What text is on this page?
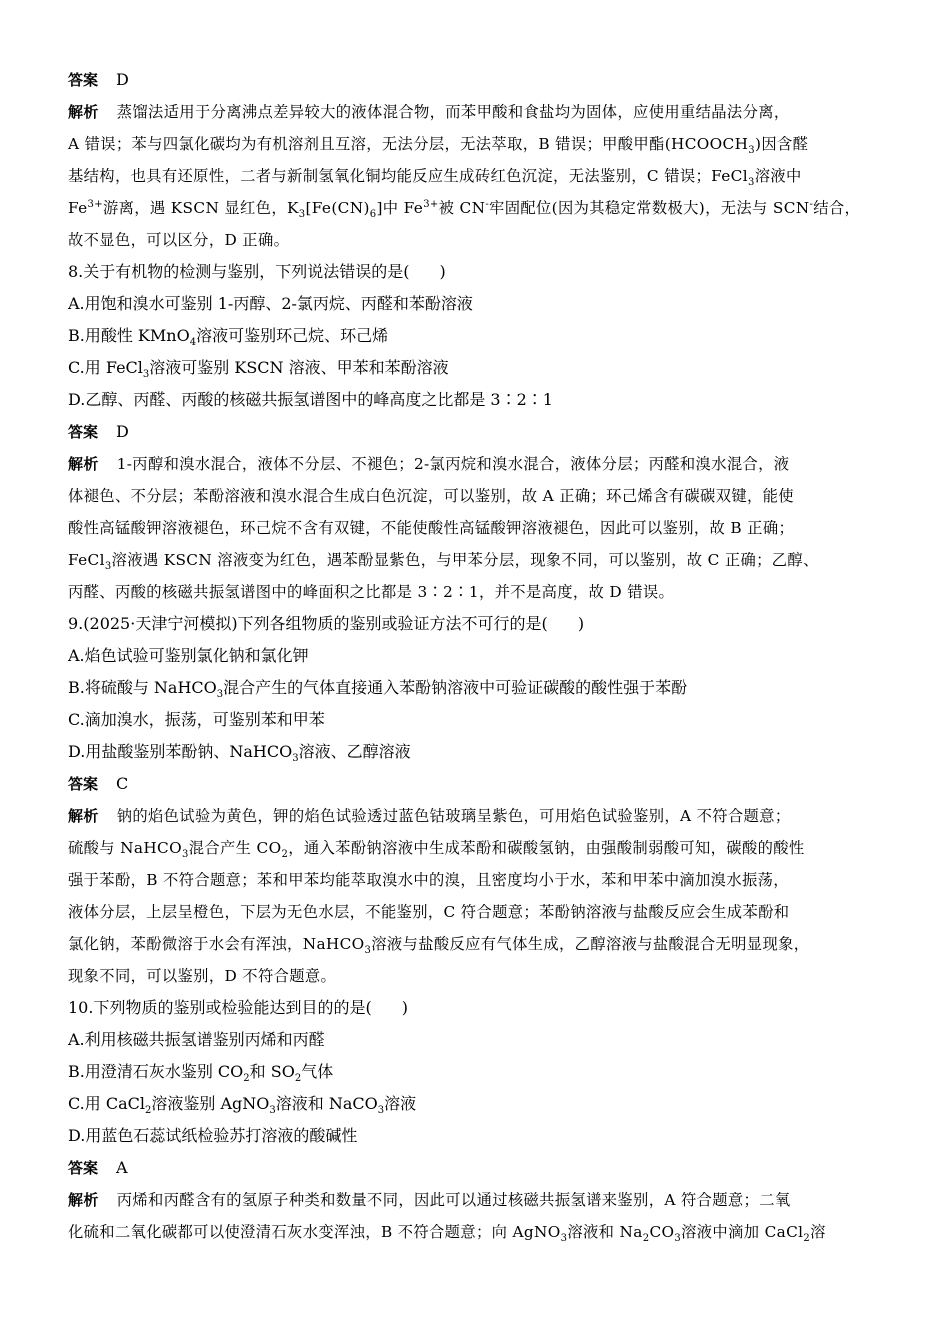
答案 D
解析 蒸馏法适用于分离沸点差异较大的液体混合物，而苯甲酸和食盐均为固体，应使用重结晶法分离，
A 错误；苯与四氯化碳均为有机溶剂且互溶，无法分层，无法萃取，B 错误；甲酸甲酯$(HCOOCH_3)$因含醛
基结构，也具有还原性，二者与新制氢氧化铜均能反应生成砖红色沉淀，无法鉴别，C 错误；FeCl$_3$溶液中
$Fe^{3+}$游离，遇 KSCN 显红色，$K_3[Fe(CN)_6]$中 $Fe^{3+}$被 CN-牢固配位(因为其稳定常数极大)，无法与 SCN-结合，
故不显色，可以区分，D 正确。
8.关于有机物的检测与鉴别，下列说法错误的是( )
A.用饱和溴水可鉴别 1-丙醇、2-氯丙烷、丙醛和苯酚溶液
B.用酸性 KMnO$_4$溶液可鉴别环己烷、环己烯
C.用 FeCl$_3$溶液可鉴别 KSCN 溶液、甲苯和苯酚溶液
D.乙醇、丙醛、丙酸的核磁共振氢谱图中的峰高度之比都是 3∶2∶1
答案 D
解析 1-丙醇和溴水混合，液体不分层、不褪色；2-氯丙烷和溴水混合，液体分层；丙醛和溴水混合，液
体褪色、不分层；苯酚溶液和溴水混合生成白色沉淀，可以鉴别，故 A 正确；环己烯含有碳碳双键，能使
酸性高锰酸钾溶液褪色，环己烷不含有双键，不能使酸性高锰酸钾溶液褪色，因此可以鉴别，故 B 正确；
FeCl$_3$溶液遇 KSCN 溶液变为红色，遇苯酚显紫色，与甲苯分层，现象不同，可以鉴别，故 C 正确；乙醇、
丙醛、丙酸的核磁共振氢谱图中的峰面积之比都是 3∶2∶1，并不是高度，故 D 错误。
9.(2025·天津宁河模拟)下列各组物质的鉴别或验证方法不可行的是( )
A.焰色试验可鉴别氯化钠和氯化钾
B.将硫酸与 NaHCO$_3$混合产生的气体直接通入苯酚钠溶液中可验证碳酸的酸性强于苯酚
C.滴加溴水，振荡，可鉴别苯和甲苯
D.用盐酸鉴别苯酚钠、NaHCO$_3$溶液、乙醇溶液
答案 C
解析 钠的焰色试验为黄色，钾的焰色试验透过蓝色钴玻璃呈紫色，可用焰色试验鉴别，A 不符合题意；
硫酸与 NaHCO$_3$混合产生 $CO_2$，通入苯酚钠溶液中生成苯酚和碳酸氢钠，由强酸制弱酸可知，碳酸的酸性
强于苯酚，B 不符合题意；苯和甲苯均能萃取溴水中的溴，且密度均小于水，苯和甲苯中滴加溴水振荡，
液体分层，上层呈橙色，下层为无色水层，不能鉴别，C 符合题意；苯酚钠溶液与盐酸反应会生成苯酚和
氯化钠，苯酚微溶于水会有浑浊，NaHCO$_3$溶液与盐酸反应有气体生成，乙醇溶液与盐酸混合无明显现象，
现象不同，可以鉴别，D 不符合题意。
10.下列物质的鉴别或检验能达到目的的是( )
A.利用核磁共振氢谱鉴别丙烯和丙醛
B.用澄清石灰水鉴别 $CO_2$和 $SO_2$气体
C.用 CaCl$_2$溶液鉴别 AgNO$_3$溶液和 NaCO$_3$溶液
D.用蓝色石蕊试纸检验苏打溶液的酸碱性
答案 A
解析 丙烯和丙醛含有的氢原子种类和数量不同，因此可以通过核磁共振氢谱来鉴别，A 符合题意；二氧
化硫和二氧化碳都可以使澄清石灰水变浑浊，B 不符合题意；向 AgNO$_3$溶液和 $Na_2CO_3$溶液中滴加 CaCl$_2$溶
